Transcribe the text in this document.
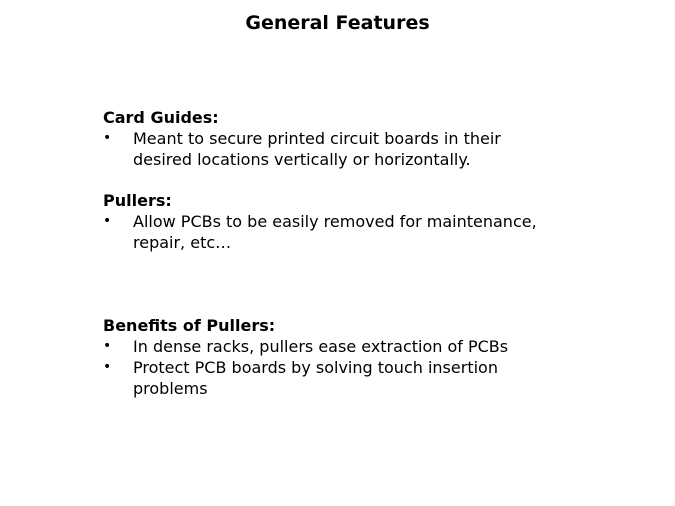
General Features
Card Guides:
• Meant to secure printed circuit boards in their desired locations vertically or horizontally.
Pullers:
• Allow PCBs to be easily removed for maintenance, repair, etc…
Benefits of Pullers:
• In dense racks, pullers ease extraction of PCBs
• Protect PCB boards by solving touch insertion problems
